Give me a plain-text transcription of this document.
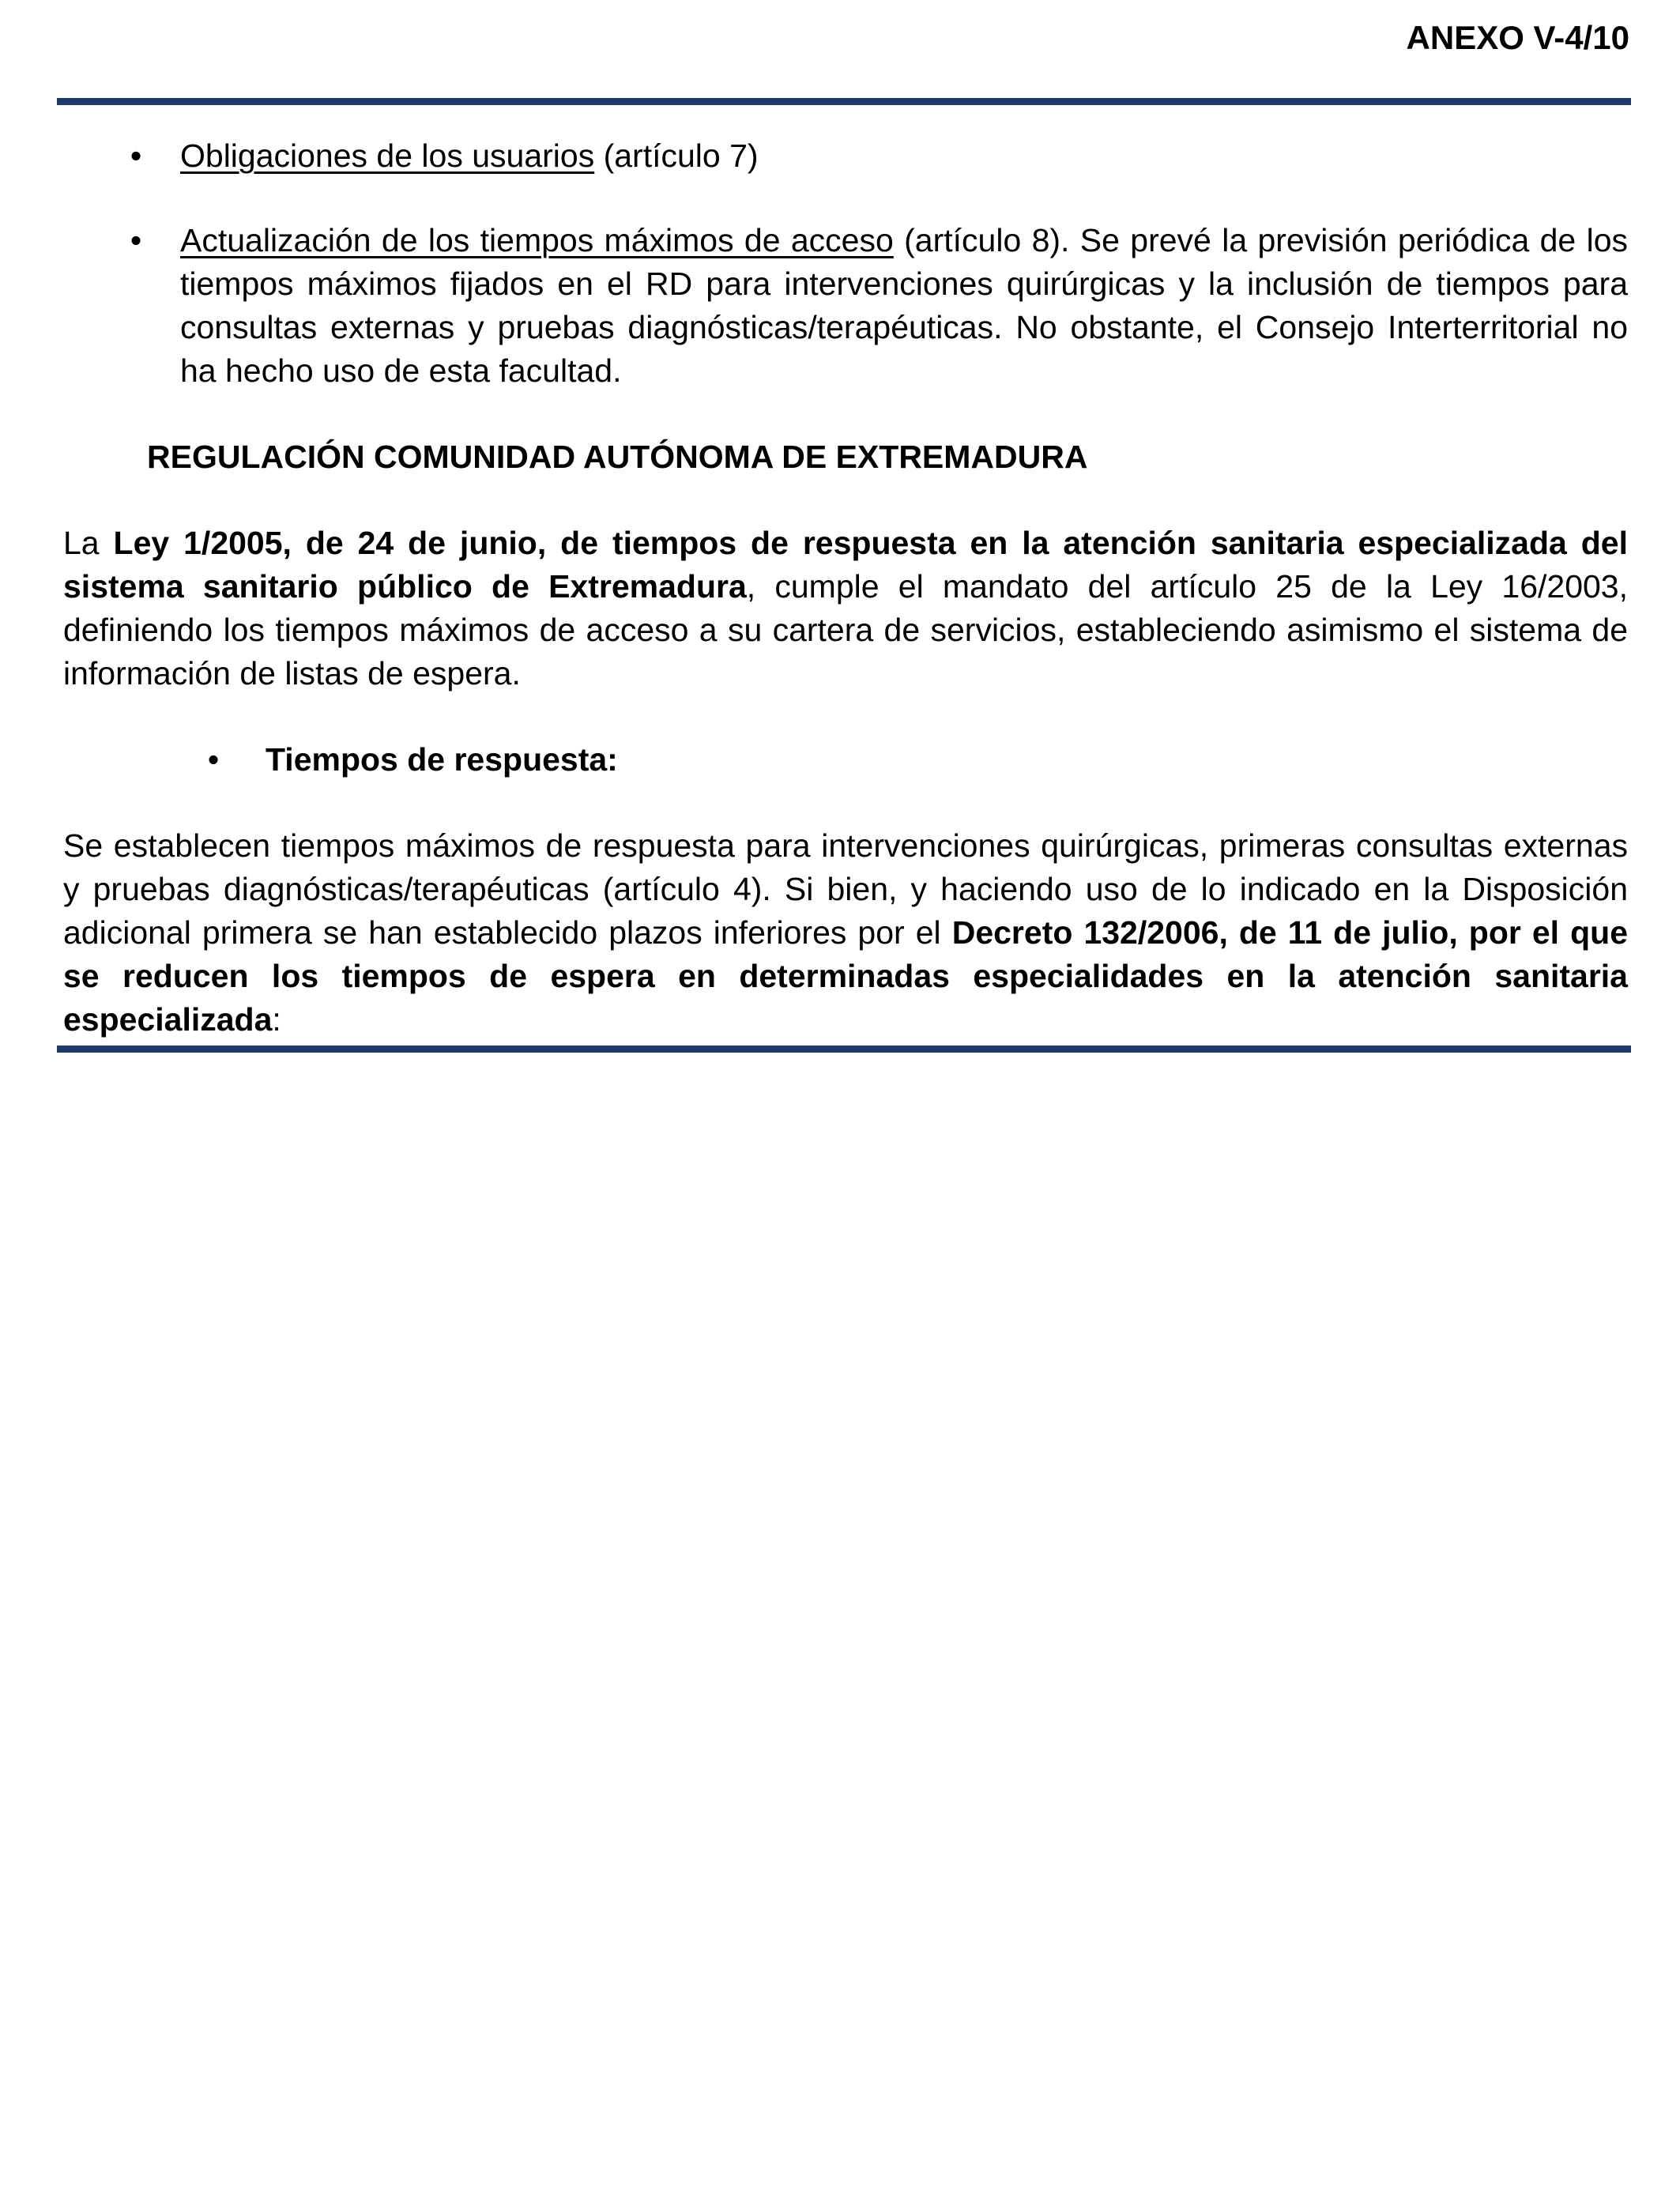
ANEXO V-4/10
•	Obligaciones de los usuarios (artículo 7)
•	Actualización de los tiempos máximos de acceso (artículo 8). Se prevé la previsión periódica de los tiempos máximos fijados en el RD para intervenciones quirúrgicas y la inclusión de tiempos para consultas externas y pruebas diagnósticas/terapéuticas. No obstante, el Consejo Interterritorial no ha hecho uso de esta facultad.

REGULACIÓN COMUNIDAD AUTÓNOMA DE EXTREMADURA

La Ley 1/2005, de 24 de junio, de tiempos de respuesta en la atención sanitaria especializada del sistema sanitario público de Extremadura, cumple el mandato del artículo 25 de la Ley 16/2003, definiendo los tiempos máximos de acceso a su cartera de servicios, estableciendo asimismo el sistema de información de listas de espera.

•	Tiempos de respuesta:

Se establecen tiempos máximos de respuesta para intervenciones quirúrgicas, primeras consultas externas y pruebas diagnósticas/terapéuticas (artículo 4). Si bien, y haciendo uso de lo indicado en la Disposición adicional primera se han establecido plazos inferiores por el Decreto 132/2006, de 11 de julio, por el que se reducen los tiempos de espera en determinadas especialidades en la atención sanitaria especializada:
